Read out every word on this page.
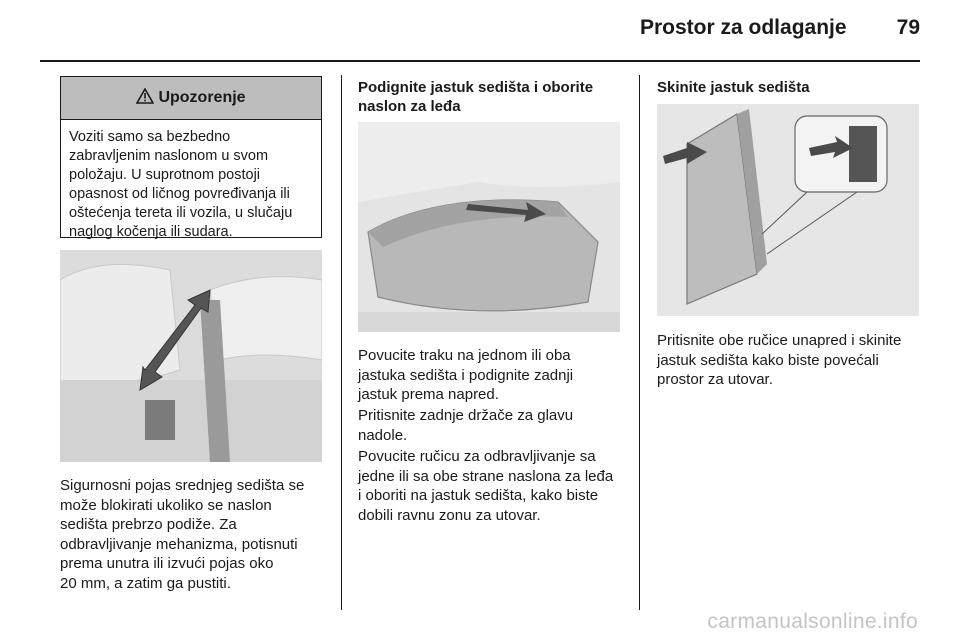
Prostor za odlaganje 79
Upozorenje
Voziti samo sa bezbedno
zabravljenim naslonom u svom
položaju. U suprotnom postoji
opasnost od ličnog povređivanja ili
oštećenja tereta ili vozila, u slučaju
naglog kočenja ili sudara.
Sigurnosni pojas srednjeg sedišta se
može blokirati ukoliko se naslon
sedišta prebrzo podiže. Za
odbravljivanje mehanizma, potisnuti
prema unutra ili izvući pojas oko
20 mm, a zatim ga pustiti.
Podignite jastuk sedišta i oborite
naslon za leđa
Povucite traku na jednom ili oba
jastuka sedišta i podignite zadnji
jastuk prema napred.
Pritisnite zadnje držače za glavu
nadole.
Povucite ručicu za odbravljivanje sa
jedne ili sa obe strane naslona za leđa
i oboriti na jastuk sedišta, kako biste
dobili ravnu zonu za utovar.
Skinite jastuk sedišta
Pritisnite obe ručice unapred i skinite
jastuk sedišta kako biste povećali
prostor za utovar.
carmanualsonline.info
